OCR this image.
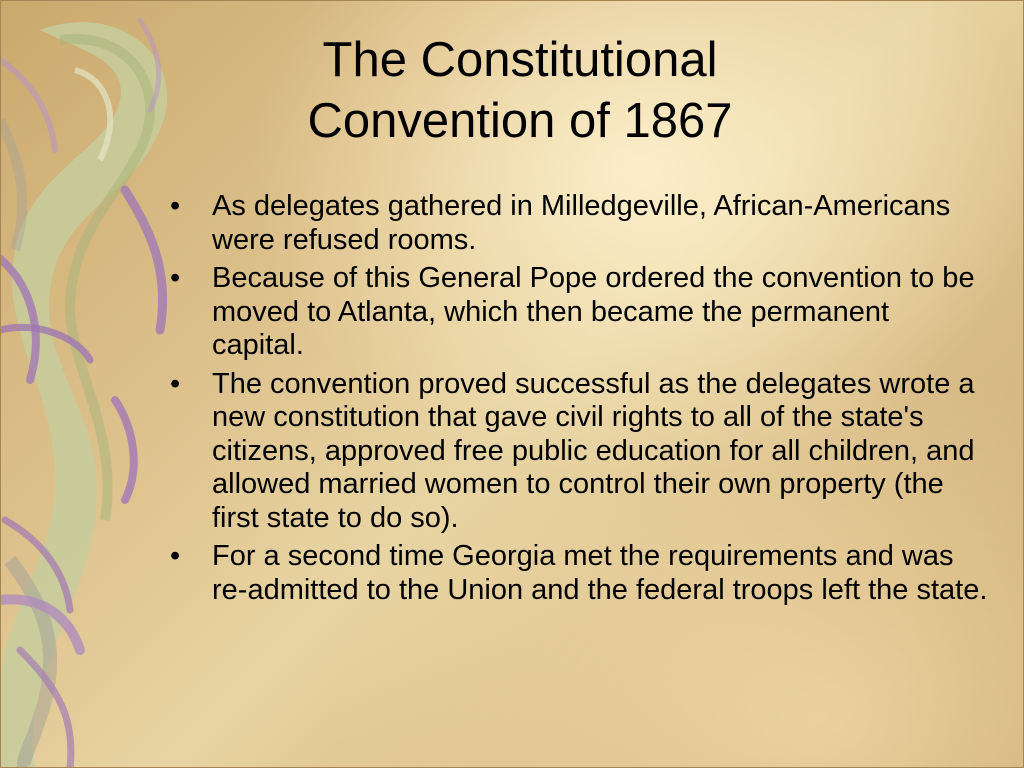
The Constitutional
Convention of 1867
• As delegates gathered in Milledgeville, African-Americans were refused rooms.
• Because of this General Pope ordered the convention to be moved to Atlanta, which then became the permanent capital.
• The convention proved successful as the delegates wrote a new constitution that gave civil rights to all of the state's citizens, approved free public education for all children, and allowed married women to control their own property (the first state to do so).
• For a second time Georgia met the requirements and was re-admitted to the Union and the federal troops left the state.
